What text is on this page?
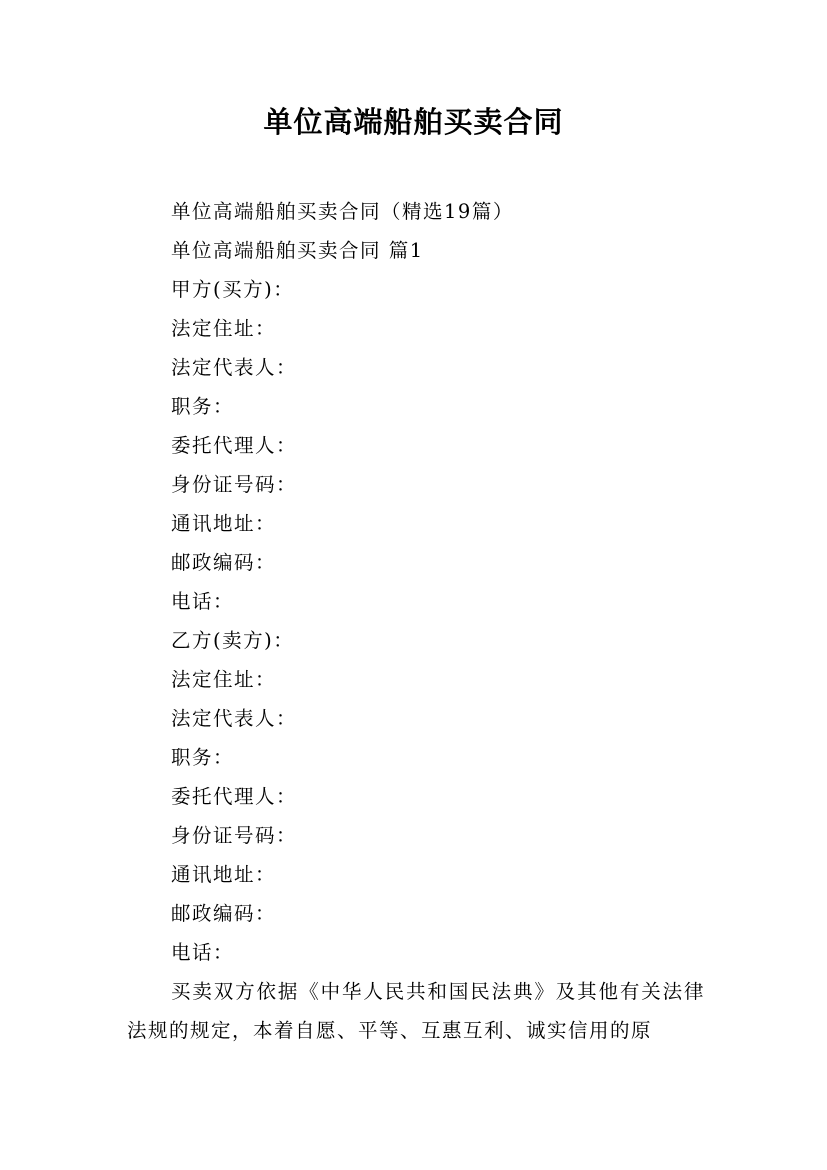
单位高端船舶买卖合同

单位高端船舶买卖合同（精选19篇）

单位高端船舶买卖合同 篇1

甲方(买方)：

法定住址：

法定代表人：

职务：

委托代理人：

身份证号码：

通讯地址：

邮政编码：

电话：

乙方(卖方)：

法定住址：

法定代表人：

职务：

委托代理人：

身份证号码：

通讯地址：

邮政编码：

电话：

买卖双方依据《中华人民共和国民法典》及其他有关法律法规的规定，本着自愿、平等、互惠互利、诚实信用的原
